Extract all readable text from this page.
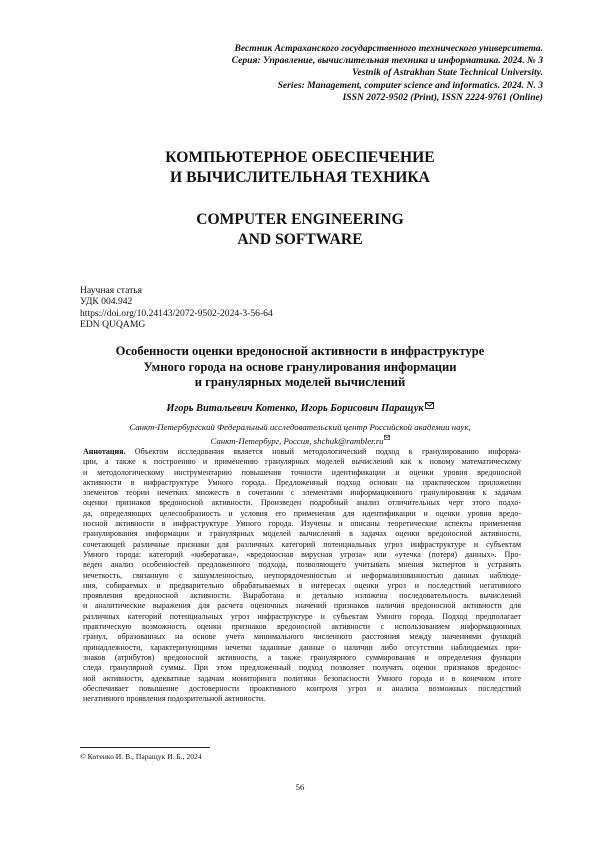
Вестник Астраханского государственного технического университета.
Серия: Управление, вычислительная техника и информатика. 2024. № 3
Vestnik of Astrakhan State Technical University.
Series: Management, computer science and informatics. 2024. N. 3
ISSN 2072-9502 (Print), ISSN 2224-9761 (Online)
КОМПЬЮТЕРНОЕ ОБЕСПЕЧЕНИЕ
И ВЫЧИСЛИТЕЛЬНАЯ ТЕХНИКА
COMPUTER ENGINEERING
AND SOFTWARE
Научная статья
УДК 004.942
https://doi.org/10.24143/2072-9502-2024-3-56-64
EDN QUQAMG
Особенности оценки вредоносной активности в инфраструктуре
Умного города на основе гранулирования информации
и гранулярных моделей вычислений
Игорь Витальевич Котенко, Игорь Борисович Паращук
Санкт-Петербургский Федеральный исследовательский центр Российской академии наук,
Санкт-Петербург, Россия, shchuk@rambler.ru
Аннотация. Объектом исследования является новый методологический подход к гранулированию информа-
ции, а также к построению и применению гранулярных моделей вычислений как к новому математическому
и методологическому инструментарию повышения точности идентификации и оценки уровня вредоносной
активности в инфраструктуре Умного города. Предложенный подход основан на практическом приложении
элементов теории нечетких множеств в сочетании с элементами информационного гранулирования к задачам
оценки признаков вредоносной активности. Произведен подробный анализ отличительных черт этого подхо-
да, определяющих целесообразность и условия его применения для идентификации и оценки уровня вредо-
носной активности в инфраструктуре Умного города. Изучены и описаны теоретические аспекты применения
гранулирования информации и гранулярных моделей вычислений в задачах оценки вредоносной активности,
сочетающей различные признаки для различных категорий потенциальных угроз инфраструктуре и субъектам
Умного города: категорий «кибератака», «вредоносная вирусная угроза» или «утечка (потеря) данных». Про-
веден анализ особенностей предложенного подхода, позволяющего учитывать мнения экспертов и устранять
нечеткость, связанную с зашумленностью, неупорядоченностью и неформализованностью данных наблюде-
ния, собираемых и предварительно обрабатываемых в интересах оценки угроз и последствий негативного
проявления вредоносной активности. Выработана и детально изложена последовательность вычислений
и аналитические выражения для расчета оценочных значений признаков наличия вредоносной активности для
различных категорий потенциальных угроз инфраструктуре и субъектам Умного города. Подход предполагает
практическую возможность оценки признаков вредоносной активности с использованием информационных
гранул, образованных на основе учета минимального численного расстояния между значениями функций
принадлежности, характеризующими нечетко заданные данные о наличии либо отсутствии наблюдаемых при-
знаков (атрибутов) вредоносной активности, а также гранулярного суммирования и определения функции
следа гранулярной суммы. При этом предложенный подход позволяет получать оценки признаков вредонос-
ной активности, адекватные задачам мониторинга политики безопасности Умного города и в конечном итоге
обеспечивает повышение достоверности проактивного контроля угроз и анализа возможных последствий
негативного проявления подозрительной активности.
© Котенко И. В., Паращук И. Б., 2024
56
